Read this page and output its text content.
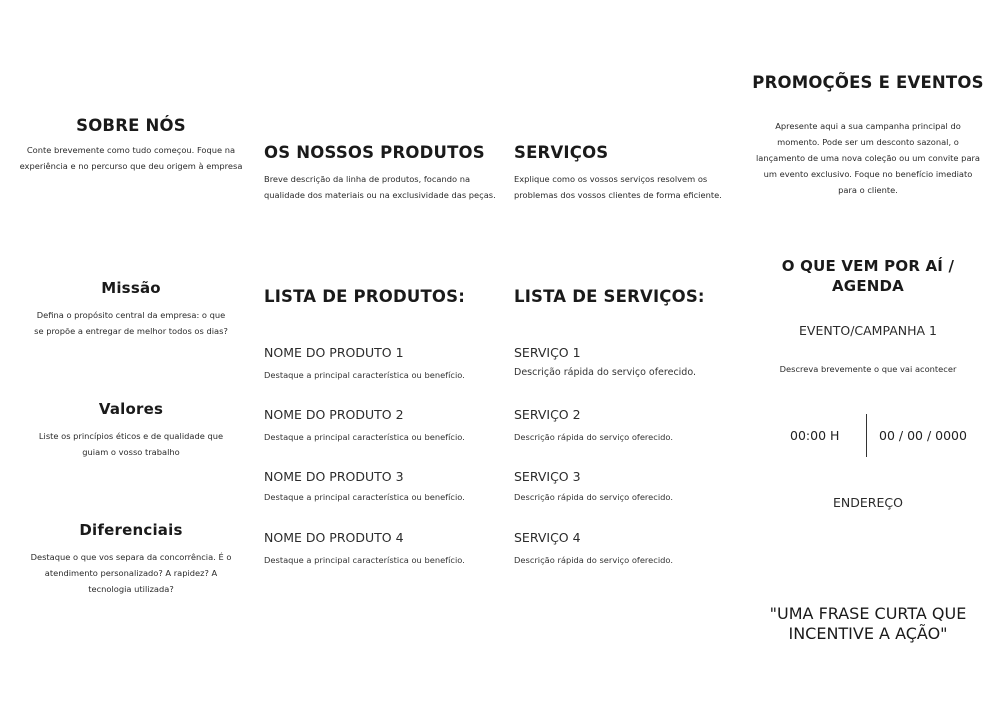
SOBRE NÓS

Conte brevemente como tudo começou. Foque na experiência e no percurso que deu origem à empresa

Missão

Defina o propósito central da empresa: o que se propõe a entregar de melhor todos os dias?

Valores

Liste os princípios éticos e de qualidade que guiam o vosso trabalho

Diferenciais

Destaque o que vos separa da concorrência. É o atendimento personalizado? A rapidez? A tecnologia utilizada?

OS NOSSOS PRODUTOS

Breve descrição da linha de produtos, focando na qualidade dos materiais ou na exclusividade das peças.

LISTA DE PRODUTOS:
NOME DO PRODUTO 1
Destaque a principal característica ou benefício.
NOME DO PRODUTO 2
Destaque a principal característica ou benefício.
NOME DO PRODUTO 3
Destaque a principal característica ou benefício.
NOME DO PRODUTO 4
Destaque a principal característica ou benefício.
SERVIÇOS

Explique como os vossos serviços resolvem os problemas dos vossos clientes de forma eficiente.

LISTA DE SERVIÇOS:
SERVIÇO 1
Descrição rápida do serviço oferecido.
SERVIÇO 2
Descrição rápida do serviço oferecido.
SERVIÇO 3
Descrição rápida do serviço oferecido.
SERVIÇO 4
Descrição rápida do serviço oferecido.
PROMOÇÕES E EVENTOS

Apresente aqui a sua campanha principal do momento. Pode ser um desconto sazonal, o lançamento de uma nova coleção ou um convite para um evento exclusivo. Foque no benefício imediato para o cliente.

O QUE VEM POR AÍ / AGENDA
EVENTO/CAMPANHA 1

Descreva brevemente o que vai acontecer

00:00 H	00 / 00 / 0000
ENDEREÇO
"UMA FRASE CURTA QUE INCENTIVE A AÇÃO"
